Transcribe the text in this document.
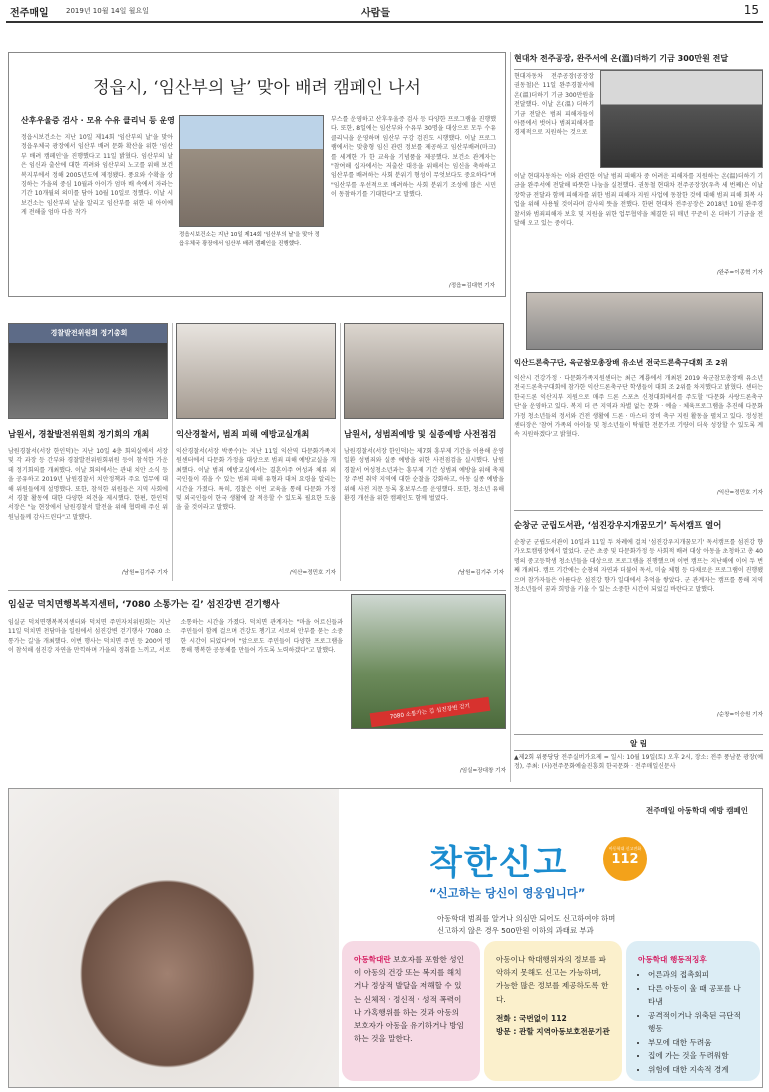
전주매일 2019년 10월 14일 월요일	사람들	15
정읍시, ‘임산부의 날’ 맞아 배려 캠페인 나서
산후우울증 검사 · 모유 수유 클리닉 등 운영

정읍시보건소는 지난 10일 제14회 '임산부의 날'을 맞아 정읍우체국 광장에서 임산부 배려 문화 확산을 위한 '임산부 배려 캠페인'을 진행했다고 11일 밝혔다. 임산부의 날은 임신과 출산에 대한 격려와 임산부의 노고를 위해 보건복지부에서 정해 2005년도에 제정됐다. 풍요와 수확을 상징하는 가을의 중심 10월과 아이가 엄마 배 속에서 자라는 기간 10개월의 의미를 담아 10월 10일로 정했다. 이날 시보건소는 임산부의 날을 알리고 임산부를 위한 내 아이에게 전해줄 엄마 다음 작가

정읍시보건소는 지난 10일 제14회 '임산부의 날'을 맞아 정읍우체국 광장에서 임산부 배려 캠페인을 진행했다.

부스를 운영하고 산후우울증 검사 등 다양한 프로그램을 진행했다. 또한, 8일에는 임산부와 수유부 30명을 대상으로 모두 수유 클리닉을 운영하며 임산부 구강 검진도 시행했다. 이날 프로그램에서는 맞춤형 임신 관련 정보를 제공하고 임산부배려(마크)를 세계한 가 한 교육을 기념품을 제공했다. 보건소 관계자는 "참여해 십자에서는 저출산 대응을 위해서는 임신을 축하하고 임산부를 배려하는 사회 분위기 형성이 무엇보다도 중요하다"며 "임산부를 우선적으로 배려하는 사회 분위기 조성에 많은 시민이 동참하기를 기대한다"고 말했다.

/정읍=김대현 기자
현대차 전주공장, 완주서에 온(溫)더하기 기금 300만원 전달

현대자동차 전주공장(공장장 권동철)은 11일 완주경찰서에 온(溫)더하기 기금 300만원을 전달했다. 이날 온(溫) 더하기 기금 전달은 범죄 피해자들이 아픔에서 벗어나 범죄피해자를 경제적으로 지원하는 것으로

이날 현대자동차는 이와 관련한 이날 범죄 피해자 중 어려운 피해자를 지원하는 온(溫)더하기 기금을 완주서에 전달해 따뜻한 나눔을 실천했다. 권동철 현대차 전주공장장(우측 세 번째)은 이날 장학금 전달과 함께 피해자를 위한 범죄 피해자 지원 사업에 동참한 것에 대해 범죄 피해 회복 사업을 위해 사용될 것이라며 감사의 뜻을 전했다. 한편 현대차 전주공장은 2018년 10월 완주경찰서와 범죄피해자 보호 및 지원을 위한 업무협약을 체결한 뒤 매년 꾸준히 온 더하기 기금을 전달해 오고 있는 중이다.

/완주=이종혁 기자
익산드론축구단, 육군참모총장배 유소년 전국드론축구대회 조 2위

익산시 건강가정 · 다문화가족지원센터는 최근 계룡에서 개최된 2019 육군참모총장배 유소년 전국드론축구대회에 참가한 익산드론축구단 학생들이 대회 조 2위를 차지했다고 밝혔다. 센터는 한국드론 익산지부 지원으로 매주 드론 스포츠 신청대회에서를 주도할 '다문화 사랑드론축구단'을 운영하고 있다. 복지 더 큰 지역과 차별 없는 문화 · 예술 · 체육프로그램을 추진해 다문화 가정 청소년들의 정서와 건전 생활에 드론 · 마스터 장비 축구 지원 활동을 펼치고 있다. 정성천 센터장은 '참여 가족의 아이들 및 청소년들이 탁월한 전문가로 기량이 더욱 성장할 수 있도록 계속 지원하겠다'고 밝혔다.

/익산=정민호 기자
순창군 군립도서관, ‘섬진강우지개꿈모기’ 독서캠프 열어

순창군 군립도서관이 10일과 11일 두 차례에 걸쳐 '섬진강우지개꿈모기' 독서캠프를 섬진강 향가오토캠핑장에서 열었다. 군은 초중 및 다문화가정 등 사회적 배려 대상 아동을 초청하고 총 40명의 중고등학생 청소년들을 대상으로 프로그램을 진행했으며 이번 캠프는 지난해에 이어 두 번째 개최다. 캠프 기간에는 순창의 자연과 더불어 독서, 미술 체험 등 다채로운 프로그램이 진행됐으며 참가자들은 아름다운 섬진강 향가 일대에서 추억을 쌓았다. 군 관계자는 캠프를 통해 지역 청소년들이 꿈과 희망을 키울 수 있는 소중한 시간이 되었길 바란다고 말했다.

/순창=이승원 기자
알 림

▲제2회 위풍당당 전주실버가요제 = 일시: 10월 19일(토) 오후 2시, 장소: 전주 풍남문 광장(예정), 주최: (사)전주문화예술진흥회 한국문화 · 전주매일신문사

경찰발전위원회 정기총회
남원서, 경찰발전위원회 정기회의 개최

남원경찰서(서장 한인덕)는 지난 10일 4층 회의실에서 서장 및 각 과장 등 간부와 경찰발전위원회위원 등이 참석한 가운데 정기회의를 개최했다. 이날 회의에서는 관내 치안 소식 등을 공유하고 2019년 남원경찰서 치안정책과 주요 업무에 대해 위원들에게 설명했다. 또한, 참석한 위원들은 지역 사회에서 경찰 활동에 대한 다양한 의견을 제시했다. 한편, 한인덕 서장은 "늘 현장에서 남원경찰서 발전을 위해 협력해 주신 위원님들께 감사드린다"고 말했다.

/남원=김기주 기자
익산경찰서, 범죄 피해 예방교실개최

익산경찰서(서장 박종수)는 지난 11일 익산역 다문화가족지원센터에서 다문화 가정을 대상으로 범죄 피해 예방교실을 개최했다. 이날 범죄 예방교실에서는 결혼이주 여성과 체류 외국인들이 겪을 수 있는 범죄 피해 유형과 대처 요령을 알리는 시간을 가졌다. 특히, 경찰은 이번 교육을 통해 다문화 가정 및 외국인들이 한국 생활에 잘 적응할 수 있도록 필요한 도움을 줄 것이라고 말했다.

/익산=정민호 기자
남원서, 성범죄예방 및 실종예방 사전점검

남원경찰서(서장 한인덕)는 제7회 흥부제 기간을 이용해 운영 일환 성범죄와 실종 예방을 위한 사전점검을 실시했다. 남원경찰서 여성청소년과는 흥부제 기간 성범죄 예방을 위해 축제장 주변 취약 지역에 대한 순찰을 강화하고, 아동 실종 예방을 위해 사전 지문 등록 홍보부스를 운영했다. 또한, 청소년 유해환경 개선을 위한 캠페인도 함께 벌였다.

/남원=김기주 기자
임실군 덕치면행복복지센터, ‘7080 소통가는 길’ 섬진강변 걷기행사

임실군 덕치면행복복지센터와 덕치면 주민자치위원회는 지난 11일 덕치면 천담마을 일원에서 섬진강변 걷기행사 '7080 소통가는 길'을 개최했다. 이번 행사는 덕치면 주민 등 200여 명이 참석해 섬진강 자연을 만끽하며 가을의 정취를 느끼고, 서로 소통하는 시간을 가졌다. 덕치면 관계자는 "마을 어르신들과 주민들이 함께 걸으며 건강도 챙기고 서로의 안부를 묻는 소중한 시간이 되었다"며 "앞으로도 주민들이 다양한 프로그램을 통해 행복한 공동체를 만들어 가도록 노력하겠다"고 말했다.

7080 소통가는 길 섬진강변 걷기
/임실=장대창 기자
전주매일 아동학대 예방 캠페인
착한신고	아동학대 신고전화
112
“신고하는 당신이 영웅입니다”
아동학대 범죄를 알거나 의심만 되어도 신고하여야 하며
신고하지 않은 경우 500만원 이하의 과태료 부과

아동학대란 보호자를 포함한 성인이 아동의 건강 또는 복지를 해치거나 정상적 발달을 저해할 수 있는 신체적 · 정신적 · 성적 폭력이나 가혹행위를 하는 것과 아동의 보호자가 아동을 유기하거나 방임하는 것을 말한다.

아동이나 학대행위자의 정보를 파악하지 못해도 신고는 가능하며, 가능한 많은 정보를 제공하도록 한다.

전화 : 국번없이 112

방문 : 관할 지역아동보호전문기관

아동학대 행동적징후

• 어른과의 접촉회피
• 다른 아동이 울 때 공포를 나타냄
• 공격적이거나 위축된 극단적 행동
• 부모에 대한 두려움
• 집에 가는 것을 두려워함
• 위험에 대한 지속적 경계
